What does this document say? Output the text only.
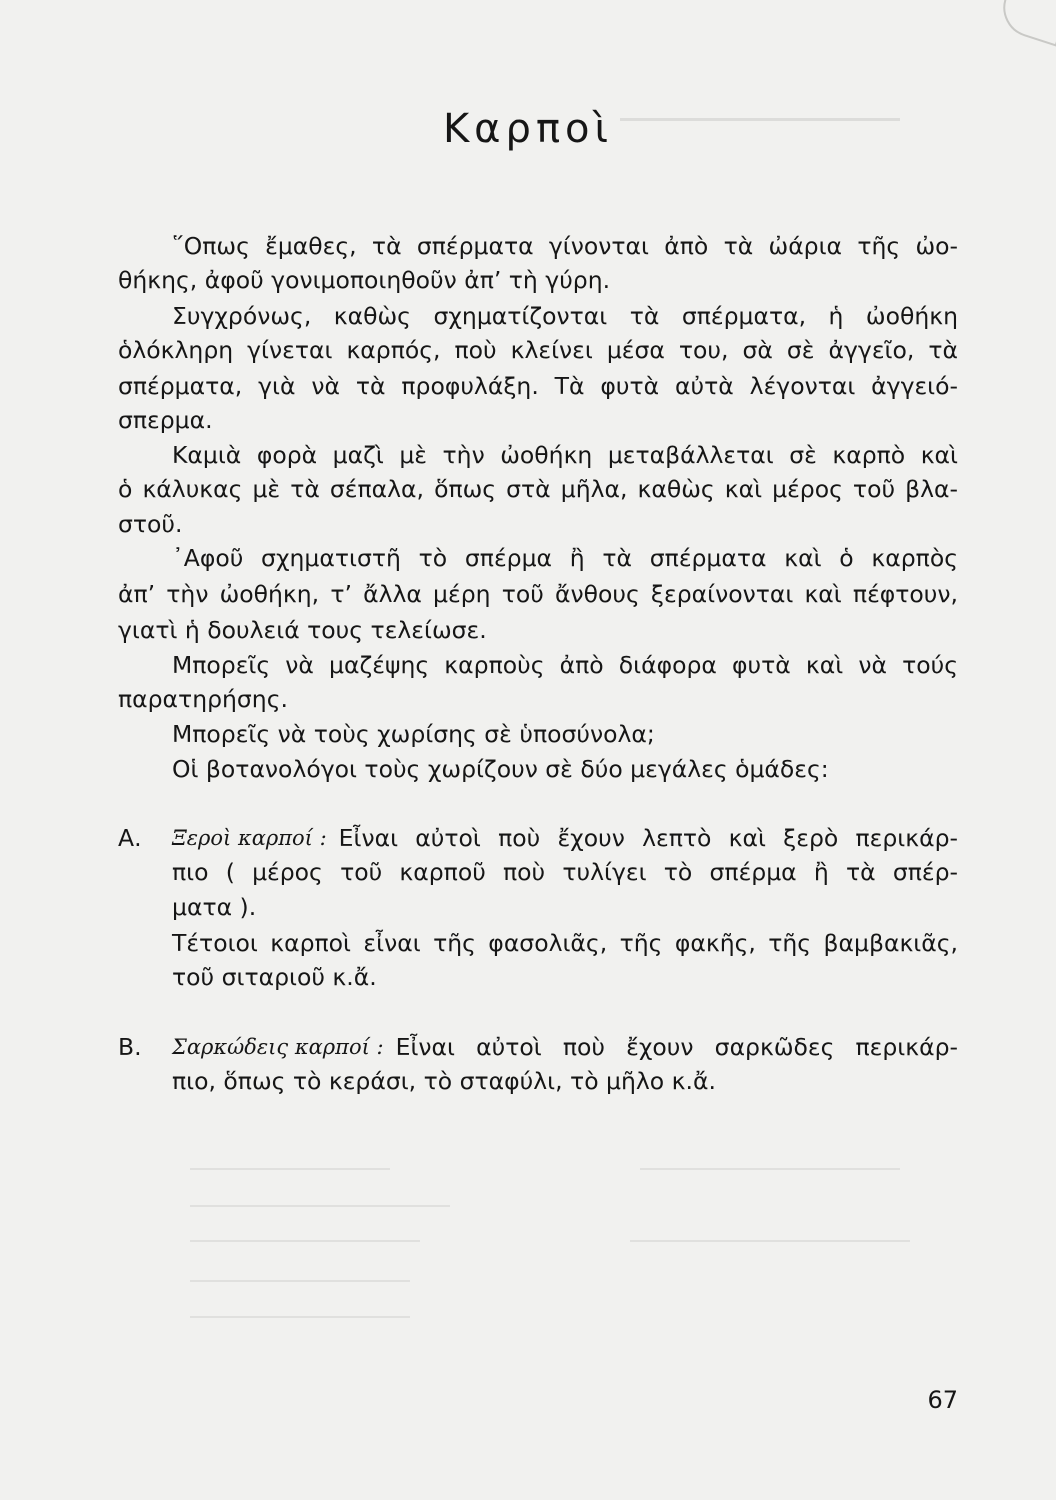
Καρποὶ
῞Οπως ἔμαθες, τὰ σπέρματα γίνονται ἀπὸ τὰ ὠάρια τῆς ὠο-
θήκης, ἀφοῦ γονιμοποιηθοῦν ἀπ’ τὴ γύρη.
Συγχρόνως, καθὼς σχηματίζονται τὰ σπέρματα, ἡ ὠοθήκη
ὁλόκληρη γίνεται καρπός, ποὺ κλείνει μέσα του, σὰ σὲ ἀγγεῖο, τὰ
σπέρματα, γιὰ νὰ τὰ προφυλάξη. Τὰ φυτὰ αὐτὰ λέγονται ἀγγειό-
σπερμα.
Καμιὰ φορὰ μαζὶ μὲ τὴν ὠοθήκη μεταβάλλεται σὲ καρπὸ καὶ
ὁ κάλυκας μὲ τὰ σέπαλα, ὅπως στὰ μῆλα, καθὼς καὶ μέρος τοῦ βλα-
στοῦ.
᾿Αφοῦ σχηματιστῆ τὸ σπέρμα ἢ τὰ σπέρματα καὶ ὁ καρπὸς
ἀπ’ τὴν ὠοθήκη, τ’ ἄλλα μέρη τοῦ ἄνθους ξεραίνονται καὶ πέφτουν,
γιατὶ ἡ δουλειά τους τελείωσε.
Μπορεῖς νὰ μαζέψης καρποὺς ἀπὸ διάφορα φυτὰ καὶ νὰ τούς
παρατηρήσης.
Μπορεῖς νὰ τοὺς χωρίσης σὲ ὑποσύνολα;
Οἱ βοτανολόγοι τοὺς χωρίζουν σὲ δύο μεγάλες ὁμάδες:
Α. Ξεροὶ καρποί : Εἶναι αὐτοὶ ποὺ ἔχουν λεπτὸ καὶ ξερὸ περικάρ-
πιο ( μέρος τοῦ καρποῦ ποὺ τυλίγει τὸ σπέρμα ἢ τὰ σπέρ-
ματα ).
Τέτοιοι καρποὶ εἶναι τῆς φασολιᾶς, τῆς φακῆς, τῆς βαμβακιᾶς,
τοῦ σιταριοῦ κ.ἄ.
Β. Σαρκώδεις καρποί : Εἶναι αὐτοὶ ποὺ ἔχουν σαρκῶδες περικάρ-
πιο, ὅπως τὸ κεράσι, τὸ σταφύλι, τὸ μῆλο κ.ἄ.
67
